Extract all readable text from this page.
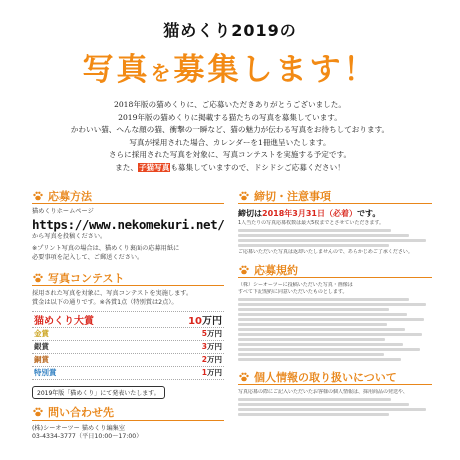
猫めくり2019の
写真を募集します！
2018年版の猫めくりに、ご応募いただきありがとうございました。
2019年版の猫めくりに掲載する猫たちの写真を募集しています。
かわいい猫、へんな顔の猫、衝撃の一瞬など、猫の魅力が伝わる写真をお待ちしております。
写真が採用された場合、カレンダーを1冊進呈いたします。
さらに採用された写真を対象に、写真コンテストを実施する予定です。
また、子猫写真も募集していますので、ドシドシご応募ください！
応募方法
猫めくりホームページ
https://www.nekomekuri.net/
から写真を投稿ください。
※プリント写真の場合は、猫めくり裏面の応募用紙に
必要事項を記入して、ご郵送ください。
写真コンテスト
採用された写真を対象に、写真コンテストを実施します。
賞金は以下の通りです。※各賞1点（特別賞は2点）。
猫めくり大賞	10万円
金賞	5万円
銀賞	3万円
銅賞	2万円
特別賞	1万円
2019年版「猫めくり」にて発表いたします。
問い合わせ先
(株)シーオーツー 猫めくり編集室
03-4334-3777（平日10:00～17:00）
締切・注意事項
締切は2018年3月31日（必着）です。
1人当たりの写真応募枚数は最大5枚までとさせていただきます。
ご応募いただいた写真は返却いたしませんので、あらかじめご了承ください。
応募規約
（株）シーオーツーに投稿いただいた写真・画像は
すべて下記規約に同意いただいたものとします。
個人情報の取り扱いについて
写真応募の際にご記入いただいたお客様の個人情報は、採用商品の発送や、
